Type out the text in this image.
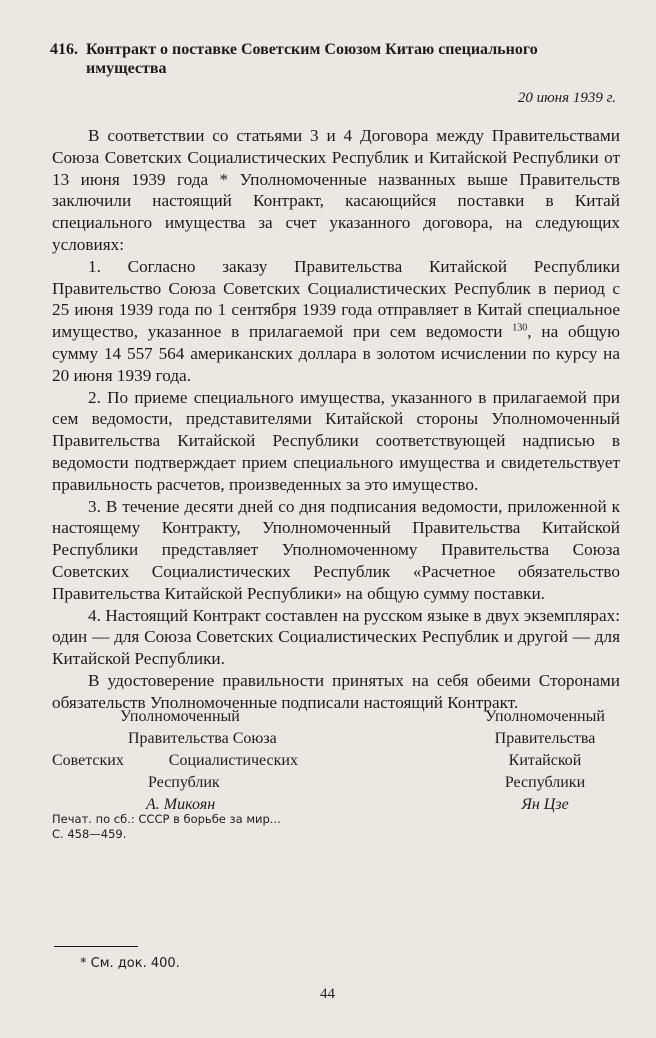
416. Контракт о поставке Советским Союзом Китаю специального имущества
20 июня 1939 г.

В соответствии со статьями 3 и 4 Договора между Правительствами Союза Советских Социалистических Республик и Китайской Республики от 13 июня 1939 года * Уполномоченные названных выше Правительств заключили настоящий Контракт, касающийся поставки в Китай специального имущества за счет указанного договора, на следующих условиях:

1. Согласно заказу Правительства Китайской Республики Правительство Союза Советских Социалистических Республик в период с 25 июня 1939 года по 1 сентября 1939 года отправляет в Китай специальное имущество, указанное в прилагаемой при сем ведомости $^{130}$, на общую сумму 14 557 564 американских доллара в золотом исчислении по курсу на 20 июня 1939 года.

2. По приеме специального имущества, указанного в прилагаемой при сем ведомости, представителями Китайской стороны Уполномоченный Правительства Китайской Республики соответствующей надписью в ведомости подтверждает прием специального имущества и свидетельствует правильность расчетов, произведенных за это имущество.

3. В течение десяти дней со дня подписания ведомости, приложенной к настоящему Контракту, Уполномоченный Правительства Китайской Республики представляет Уполномоченному Правительства Союза Советских Социалистических Республик «Расчетное обязательство Правительства Китайской Республики» на общую сумму поставки.

4. Настоящий Контракт составлен на русском языке в двух экземплярах: один — для Союза Советских Социалистических Республик и другой — для Китайской Республики.

В удостоверение правильности принятых на себя обеими Сторонами обязательств Уполномоченные подписали настоящий Контракт.

Уполномоченный
Правительства Союза
Советских	Социалистических
Республик
А. Микоян
Уполномоченный
Правительства
Китайской
Республики
Ян Цзе
Печат. по сб.: СССР в борьбе за мир...
С. 458—459.
* См. док. 400.
44
